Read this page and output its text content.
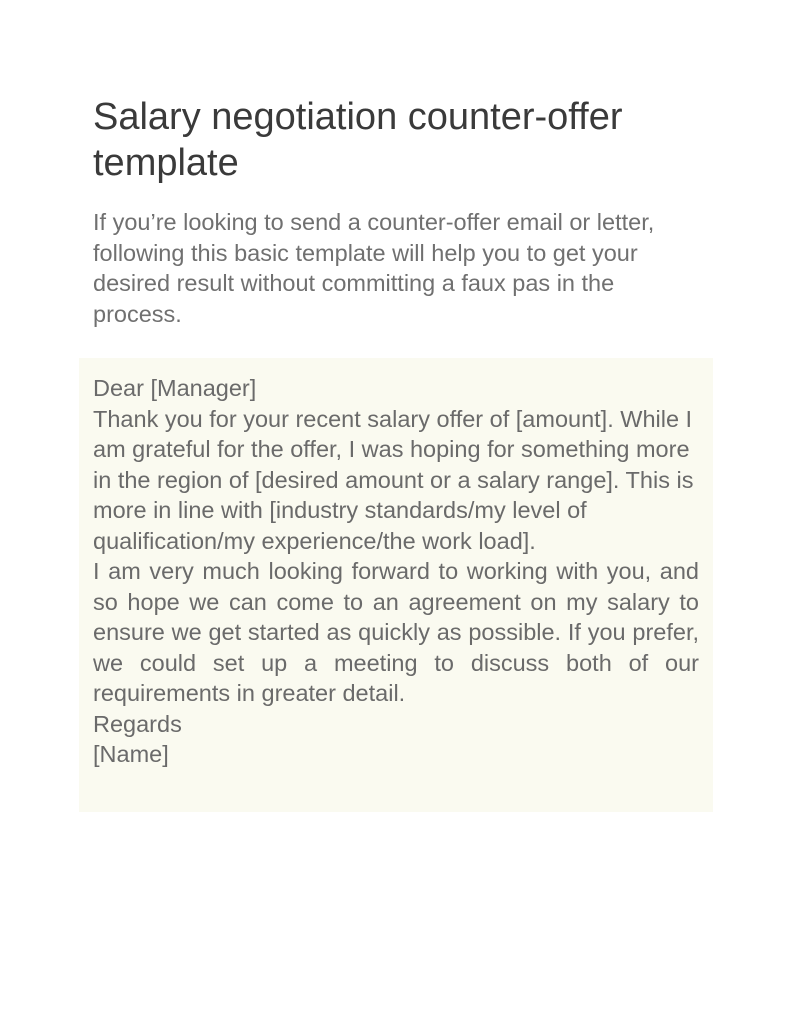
Salary negotiation counter-offer template

If you’re looking to send a counter-offer email or letter, following this basic template will help you to get your desired result without committing a faux pas in the process.

Dear [Manager]

Thank you for your recent salary offer of [amount]. While I am grateful for the offer, I was hoping for something more in the region of [desired amount or a salary range]. This is more in line with [industry standards/my level of qualification/my experience/the work load].

I am very much looking forward to working with you, and so hope we can come to an agreement on my salary to ensure we get started as quickly as possible. If you prefer, we could set up a meeting to discuss both of our requirements in greater detail.

Regards

[Name]
